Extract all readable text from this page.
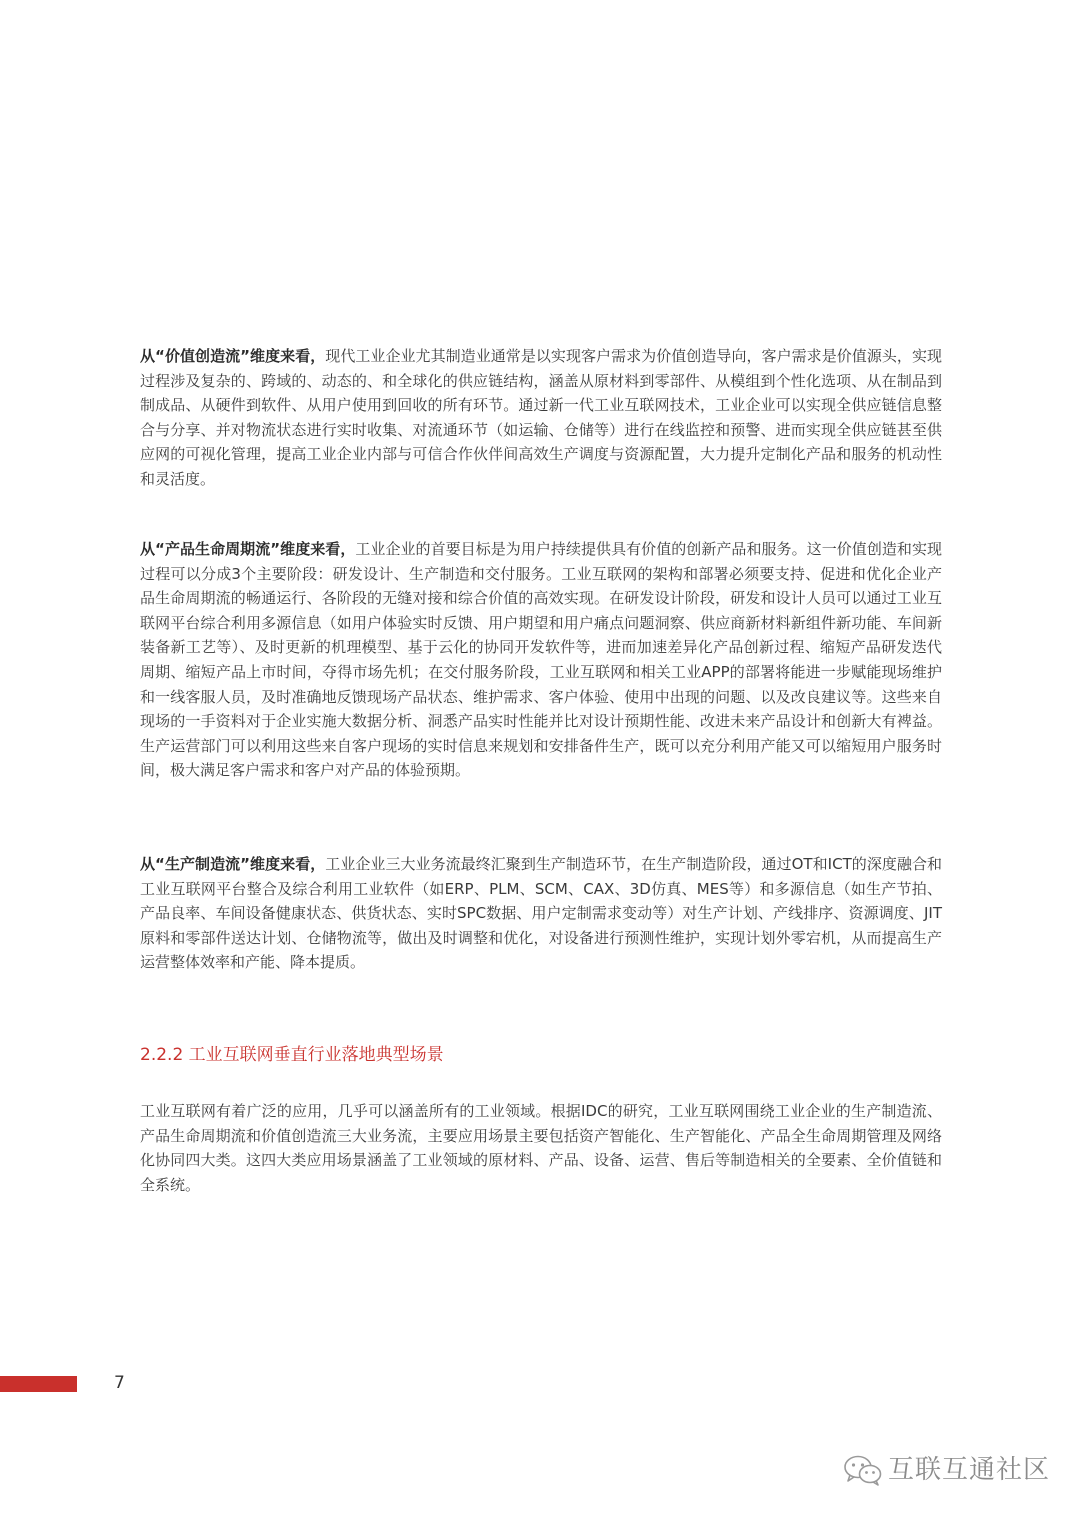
从“价值创造流”维度来看，现代工业企业尤其制造业通常是以实现客户需求为价值创造导向，客户需求是价值源头，实现过程涉及复杂的、跨域的、动态的、和全球化的供应链结构，涵盖从原材料到零部件、从模组到个性化选项、从在制品到制成品、从硬件到软件、从用户使用到回收的所有环节。通过新一代工业互联网技术，工业企业可以实现全供应链信息整合与分享、并对物流状态进行实时收集、对流通环节（如运输、仓储等）进行在线监控和预警、进而实现全供应链甚至供应网的可视化管理，提高工业企业内部与可信合作伙伴间高效生产调度与资源配置，大力提升定制化产品和服务的机动性和灵活度。

从“产品生命周期流”维度来看，工业企业的首要目标是为用户持续提供具有价值的创新产品和服务。这一价值创造和实现过程可以分成3个主要阶段：研发设计、生产制造和交付服务。工业互联网的架构和部署必须要支持、促进和优化企业产品生命周期流的畅通运行、各阶段的无缝对接和综合价值的高效实现。在研发设计阶段，研发和设计人员可以通过工业互联网平台综合利用多源信息（如用户体验实时反馈、用户期望和用户痛点问题洞察、供应商新材料新组件新功能、车间新装备新工艺等）、及时更新的机理模型、基于云化的协同开发软件等，进而加速差异化产品创新过程、缩短产品研发迭代周期、缩短产品上市时间，夺得市场先机；在交付服务阶段，工业互联网和相关工业APP的部署将能进一步赋能现场维护和一线客服人员，及时准确地反馈现场产品状态、维护需求、客户体验、使用中出现的问题、以及改良建议等。这些来自现场的一手资料对于企业实施大数据分析、洞悉产品实时性能并比对设计预期性能、改进未来产品设计和创新大有裨益。生产运营部门可以利用这些来自客户现场的实时信息来规划和安排备件生产，既可以充分利用产能又可以缩短用户服务时间，极大满足客户需求和客户对产品的体验预期。

从“生产制造流”维度来看，工业企业三大业务流最终汇聚到生产制造环节，在生产制造阶段，通过OT和ICT的深度融合和工业互联网平台整合及综合利用工业软件（如ERP、PLM、SCM、CAX、3D仿真、MES等）和多源信息（如生产节拍、产品良率、车间设备健康状态、供货状态、实时SPC数据、用户定制需求变动等）对生产计划、产线排序、资源调度、JIT原料和零部件送达计划、仓储物流等，做出及时调整和优化，对设备进行预测性维护，实现计划外零宕机，从而提高生产运营整体效率和产能、降本提质。

2.2.2 工业互联网垂直行业落地典型场景

工业互联网有着广泛的应用，几乎可以涵盖所有的工业领域。根据IDC的研究，工业互联网围绕工业企业的生产制造流、产品生命周期流和价值创造流三大业务流，主要应用场景主要包括资产智能化、生产智能化、产品全生命周期管理及网络化协同四大类。这四大类应用场景涵盖了工业领域的原材料、产品、设备、运营、售后等制造相关的全要素、全价值链和全系统。

7
互联互通社区
